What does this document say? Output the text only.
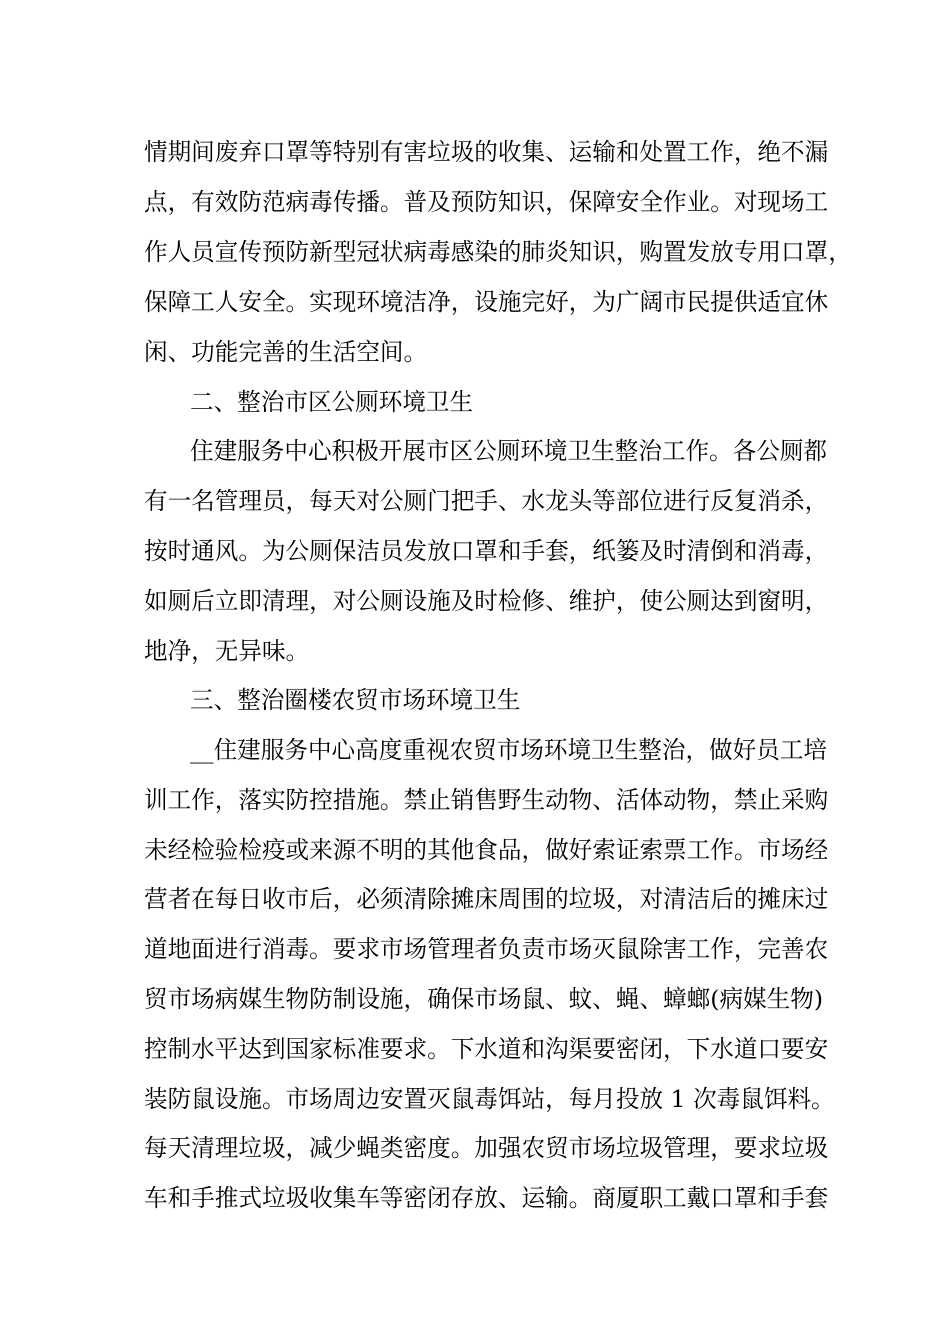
情期间废弃口罩等特别有害垃圾的收集、运输和处置工作，绝不漏
点，有效防范病毒传播。普及预防知识，保障安全作业。对现场工
作人员宣传预防新型冠状病毒感染的肺炎知识，购置发放专用口罩，
保障工人安全。实现环境洁净，设施完好，为广阔市民提供适宜休
闲、功能完善的生活空间。
二、整治市区公厕环境卫生
住建服务中心积极开展市区公厕环境卫生整治工作。各公厕都
有一名管理员，每天对公厕门把手、水龙头等部位进行反复消杀，
按时通风。为公厕保洁员发放口罩和手套，纸篓及时清倒和消毒，
如厕后立即清理，对公厕设施及时检修、维护，使公厕达到窗明，
地净，无异味。
三、整治圈楼农贸市场环境卫生
__住建服务中心高度重视农贸市场环境卫生整治，做好员工培
训工作，落实防控措施。禁止销售野生动物、活体动物，禁止采购
未经检验检疫或来源不明的其他食品，做好索证索票工作。市场经
营者在每日收市后，必须清除摊床周围的垃圾，对清洁后的摊床过
道地面进行消毒。要求市场管理者负责市场灭鼠除害工作，完善农
贸市场病媒生物防制设施，确保市场鼠、蚊、蝇、蟑螂(病媒生物)
控制水平达到国家标准要求。下水道和沟渠要密闭，下水道口要安
装防鼠设施。市场周边安置灭鼠毒饵站，每月投放 1 次毒鼠饵料。
每天清理垃圾，减少蝇类密度。加强农贸市场垃圾管理，要求垃圾
车和手推式垃圾收集车等密闭存放、运输。商厦职工戴口罩和手套
